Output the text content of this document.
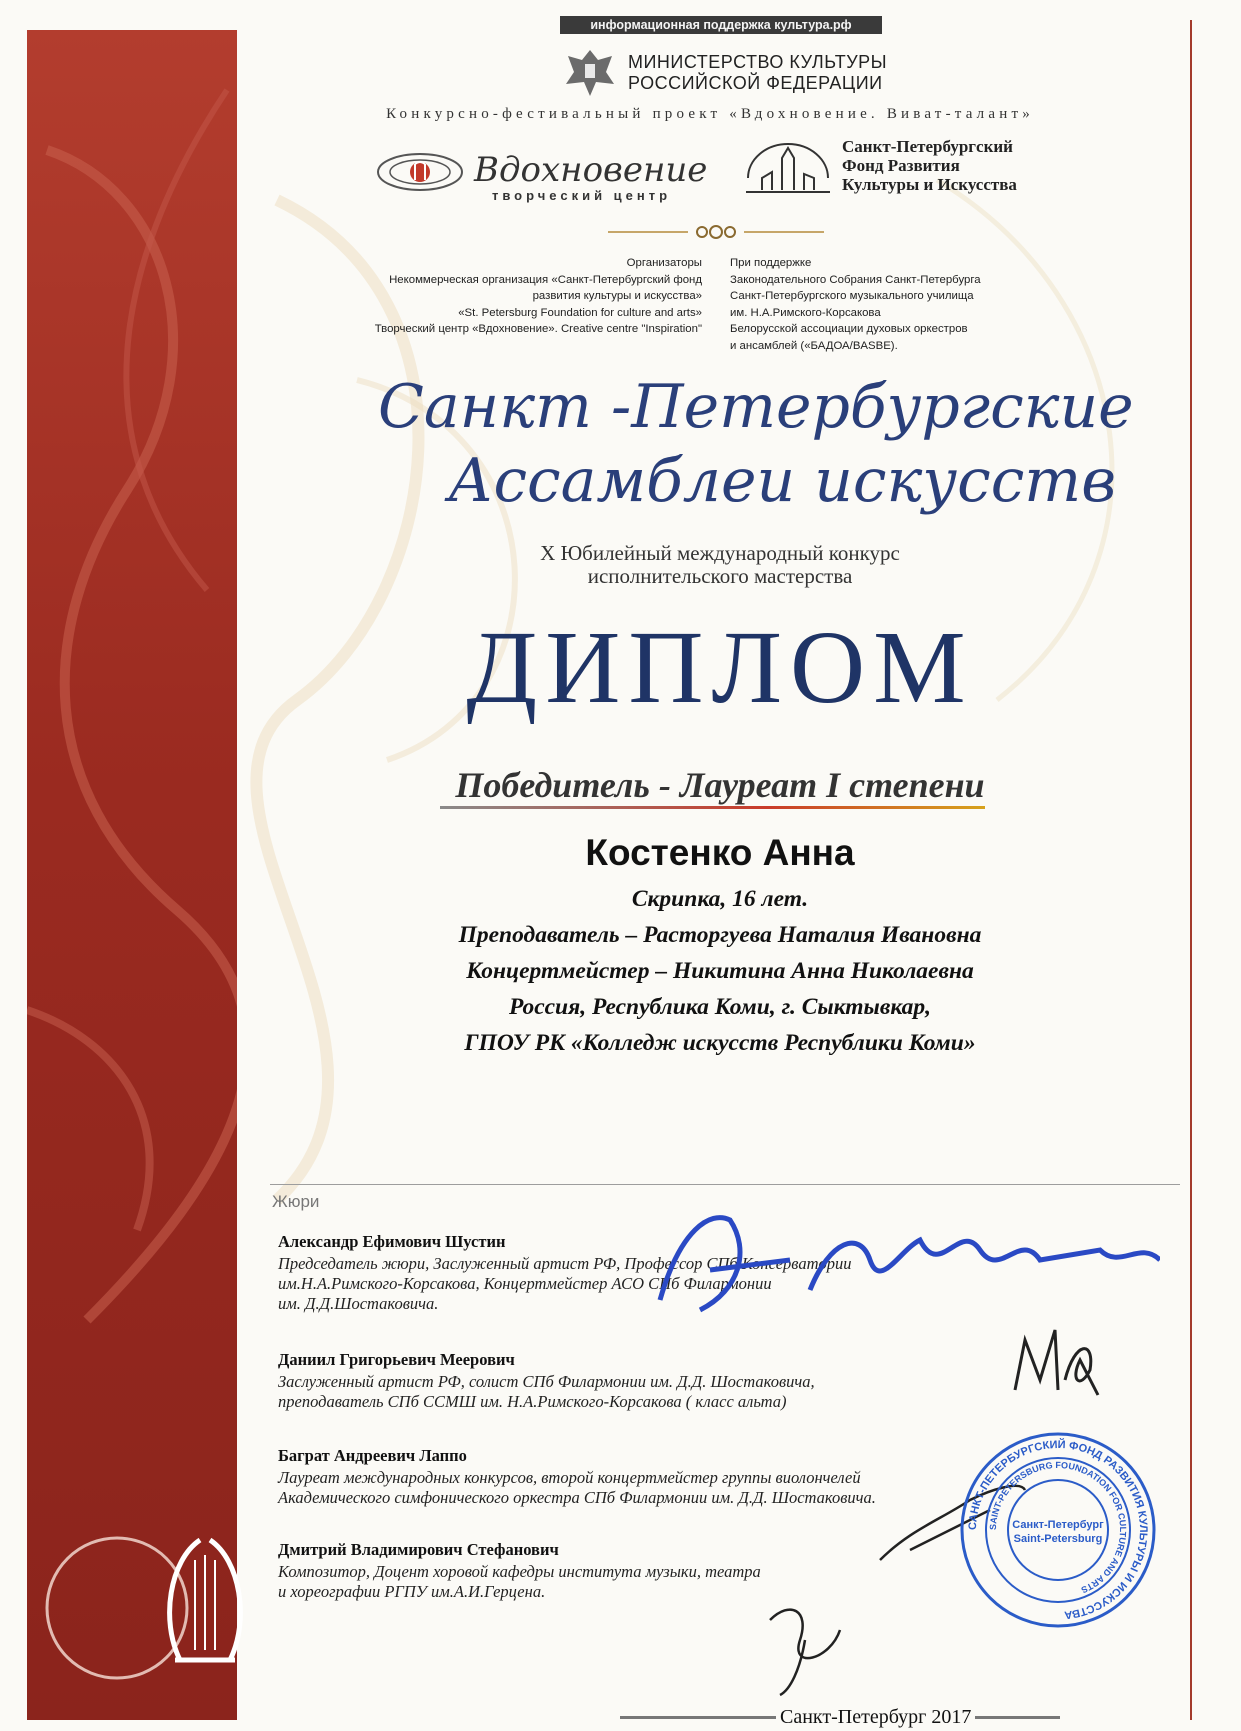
информационная поддержка культура.рф
МИНИСТЕРСТВО КУЛЬТУРЫ
РОССИЙСКОЙ ФЕДЕРАЦИИ
Конкурсно-фестивальный проект «Вдохновение. Виват-талант»
Вдохновение
творческий центр
Санкт-Петербургский
Фонд Развития
Культуры и Искусства
Организаторы
Некоммерческая организация «Санкт-Петербургский фонд
развития культуры и искусства»
«St. Petersburg Foundation for culture and arts»
Творческий центр «Вдохновение». Creative centre "Inspiration"
При поддержке
Законодательного Собрания Санкт-Петербурга
Санкт-Петербургского музыкального училища
им. Н.А.Римского-Корсакова
Белорусской ассоциации духовых оркестров
и ансамблей («БАДОА/BASBE).
Санкт -Петербургские
Ассамблеи искусств
X Юбилейный международный конкурс
исполнительского мастерства
ДИПЛОМ
Победитель - Лауреат I степени
Костенко Анна
Скрипка, 16 лет.
Преподаватель – Расторгуева Наталия Ивановна
Концертмейстер – Никитина Анна Николаевна
Россия, Республика Коми, г. Сыктывкар,
ГПОУ РК «Колледж искусств Республики Коми»
Жюри
Александр Ефимович Шустин
Председатель жюри, Заслуженный артист РФ, Профессор СПб Консерватории
им.Н.А.Римского-Корсакова, Концертмейстер АСО СПб Филармонии
им. Д.Д.Шостаковича.
Даниил Григорьевич Меерович
Заслуженный артист РФ, солист СПб Филармонии им. Д.Д. Шостаковича,
преподаватель СПб ССМШ им. Н.А.Римского-Корсакова ( класс альта)
Баграт Андреевич Лаппо
Лауреат международных конкурсов, второй концертмейстер группы виолончелей
Академического симфонического оркестра СПб Филармонии им. Д.Д. Шостаковича.
Дмитрий Владимирович Стефанович
Композитор, Доцент хоровой кафедры института музыки, театра
и хореографии РГПУ им.А.И.Герцена.
САНКТ-ПЕТЕРБУРГСКИЙ ФОНД РАЗВИТИЯ КУЛЬТУРЫ И ИСКУССТВА
SAINT-PETERSBURG FOUNDATION FOR CULTURE AND ARTS
Санкт-Петербург
Saint-Petersburg
Санкт-Петербург 2017
